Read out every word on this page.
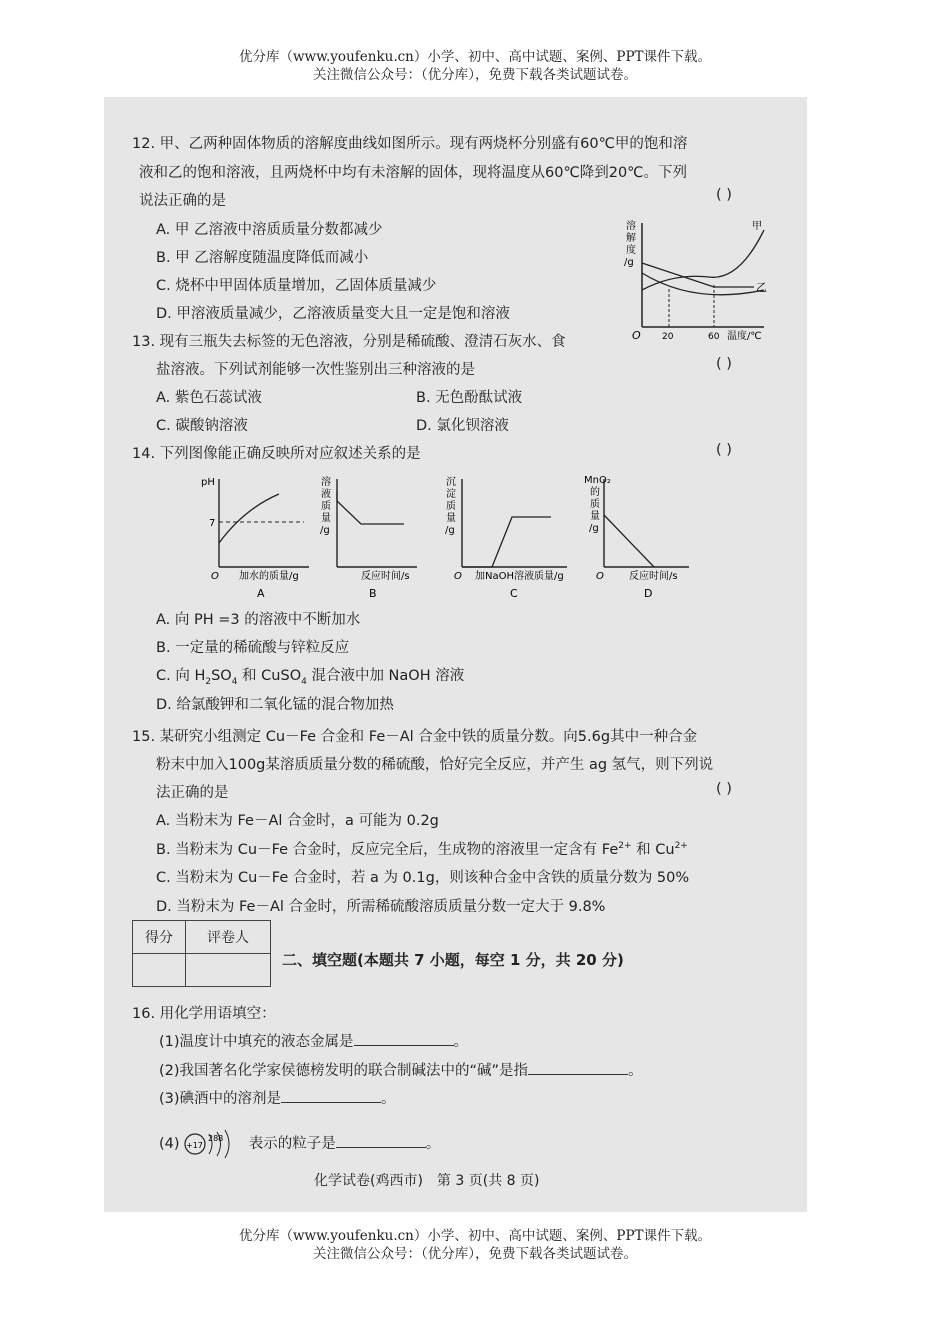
优分库（www.youfenku.cn）小学、初中、高中试题、案例、PPT课件下载。
关注微信公众号：（优分库），免费下载各类试题试卷。
12. 甲、乙两种固体物质的溶解度曲线如图所示。现有两烧杯分别盛有60℃甲的饱和溶
液和乙的饱和溶液，且两烧杯中均有未溶解的固体，现将温度从60℃降到20℃。下列
说法正确的是	( )
A. 甲 乙溶液中溶质质量分数都减少
B. 甲 乙溶解度随温度降低而减小
C. 烧杯中甲固体质量增加，乙固体质量减少
D. 甲溶液质量减少，乙溶液质量变大且一定是饱和溶液
溶
解
度
/g
甲
乙
O 20	60 温度/℃
13. 现有三瓶失去标签的无色溶液，分别是稀硫酸、澄清石灰水、食
盐溶液。下列试剂能够一次性鉴别出三种溶液的是	( )
A. 紫色石蕊试液	B. 无色酚酞试液
C. 碳酸钠溶液	D. 氯化钡溶液
14. 下列图像能正确反映所对应叙述关系的是	( )
pH
7
O 加水的质量/g
A
溶
液
质
量
/g
反应时间/s
B
沉
淀
质
量
/g
O 加NaOH溶液质量/g
C
MnO₂
的
质
量
/g
O	反应时间/s
D
A. 向 PH =3 的溶液中不断加水
B. 一定量的稀硫酸与锌粒反应
C. 向 $H_2SO_4$ 和 CuSO$_4$ 混合液中加 NaOH 溶液
D. 给氯酸钾和二氧化锰的混合物加热
15. 某研究小组测定 Cu－Fe 合金和 Fe－Al 合金中铁的质量分数。向5.6g其中一种合金
粉末中加入100g某溶质质量分数的稀硫酸，恰好完全反应，并产生 ag 氢气，则下列说
法正确的是	( )
A. 当粉末为 Fe－Al 合金时，a 可能为 0.2g
B. 当粉末为 Cu－Fe 合金时，反应完全后，生成物的溶液里一定含有 $Fe^{2+}$ 和 $Cu^{2+}$
C. 当粉末为 Cu－Fe 合金时，若 a 为 0.1g，则该种合金中含铁的质量分数为 50%
D. 当粉末为 Fe－Al 合金时，所需稀硫酸溶质质量分数一定大于 9.8%
得分	评卷人

二、填空题(本题共 7 小题，每空 1 分，共 20 分)
16. 用化学用语填空：
(1)温度计中填充的液态金属是	。
(2)我国著名化学家侯德榜发明的联合制碱法中的“碱”是指	。
(3)碘酒中的溶剂是	。
(4) +17
288 表示的粒子是	。
化学试卷(鸡西市)　第 3 页(共 8 页)
优分库（www.youfenku.cn）小学、初中、高中试题、案例、PPT课件下载。
关注微信公众号：（优分库），免费下载各类试题试卷。
